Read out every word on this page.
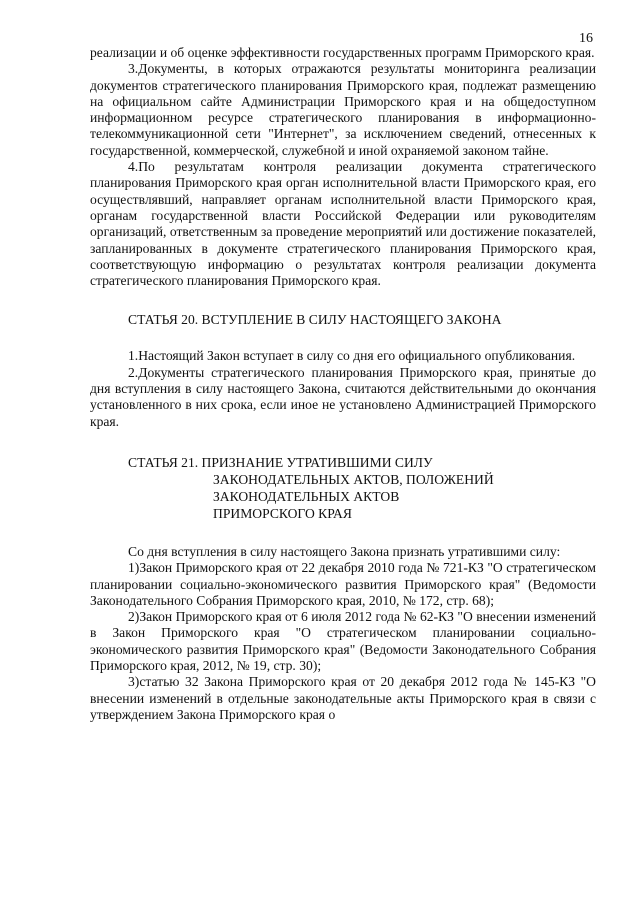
16

реализации и об оценке эффективности государственных программ Приморского края.

3.Документы, в которых отражаются результаты мониторинга реализации документов стратегического планирования Приморского края, подлежат размещению на официальном сайте Администрации Приморского края и на общедоступном информационном ресурсе стратегического планирования в информационно-телекоммуникационной сети "Интернет", за исключением сведений, отнесенных к государственной, коммерческой, служебной и иной охраняемой законом тайне.

4.По результатам контроля реализации документа стратегического планирования Приморского края орган исполнительной власти Приморского края, его осуществлявший, направляет органам исполнительной власти Приморского края, органам государственной власти Российской Федерации или руководителям организаций, ответственным за проведение мероприятий или достижение показателей, запланированных в документе стратегического планирования Приморского края, соответствующую информацию о результатах контроля реализации документа стратегического планирования Приморского края.

СТАТЬЯ 20. ВСТУПЛЕНИЕ В СИЛУ НАСТОЯЩЕГО ЗАКОНА

1.Настоящий Закон вступает в силу со дня его официального опубликования.

2.Документы стратегического планирования Приморского края, принятые до дня вступления в силу настоящего Закона, считаются действительными до окончания установленного в них срока, если иное не установлено Администрацией Приморского края.

СТАТЬЯ 21. ПРИЗНАНИЕ УТРАТИВШИМИ СИЛУ
ЗАКОНОДАТЕЛЬНЫХ АКТОВ, ПОЛОЖЕНИЙ
ЗАКОНОДАТЕЛЬНЫХ АКТОВ
ПРИМОРСКОГО КРАЯ

Со дня вступления в силу настоящего Закона признать утратившими силу:

1)Закон Приморского края от 22 декабря 2010 года № 721-КЗ "О стратегическом планировании социально-экономического развития Приморского края" (Ведомости Законодательного Собрания Приморского края, 2010, № 172, стр. 68);

2)Закон Приморского края от 6 июля 2012 года № 62-КЗ "О внесении изменений в Закон Приморского края "О стратегическом планировании социально-экономического развития Приморского края" (Ведомости Законодательного Собрания Приморского края, 2012, № 19, стр. 30);

3)статью 32 Закона Приморского края от 20 декабря 2012 года № 145-КЗ "О внесении изменений в отдельные законодательные акты Приморского края в связи с утверждением Закона Приморского края о
